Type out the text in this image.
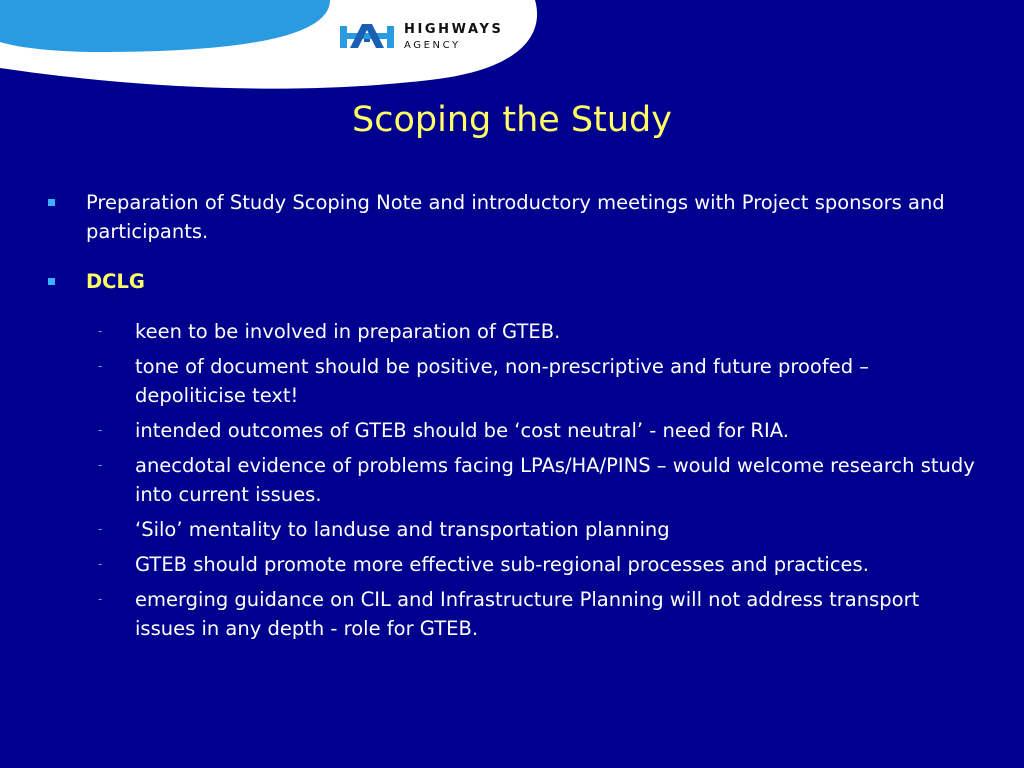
HIGHWAYS
AGENCY
Scoping the Study
Preparation of Study Scoping Note and introductory meetings with Project sponsors and participants.
DCLG
- keen to be involved in preparation of GTEB.
- tone of document should be positive, non-prescriptive and future proofed – depoliticise text!
- intended outcomes of GTEB should be ‘cost neutral’ - need for RIA.
- anecdotal evidence of problems facing LPAs/HA/PINS – would welcome research study into current issues.
- ‘Silo’ mentality to landuse and transportation planning
- GTEB should promote more effective sub-regional processes and practices.
- emerging guidance on CIL and Infrastructure Planning will not address transport issues in any depth - role for GTEB.
